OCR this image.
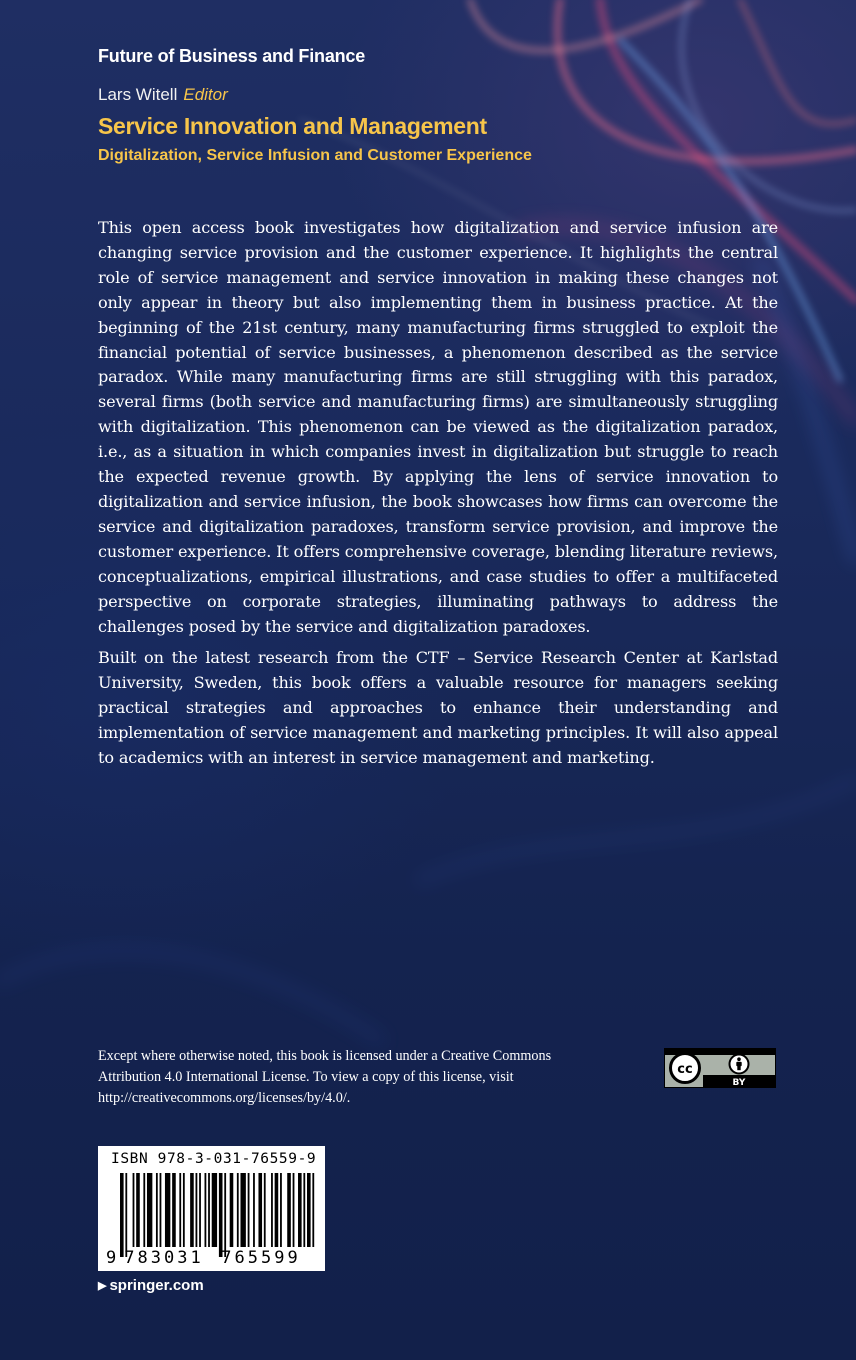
Future of Business and Finance
Lars Witell Editor
Service Innovation and Management
Digitalization, Service Infusion and Customer Experience

This open access book investigates how digitalization and service infusion are changing service provision and the customer experience. It highlights the central role of service management and service innovation in making these changes not only appear in theory but also implementing them in business practice. At the beginning of the 21st century, many manufacturing firms struggled to exploit the financial potential of service businesses, a phenomenon described as the service paradox. While many manufacturing firms are still struggling with this paradox, several firms (both service and manufacturing firms) are simultaneously struggling with digitalization. This phenomenon can be viewed as the digitalization paradox, i.e., as a situation in which companies invest in digitalization but struggle to reach the expected revenue growth. By applying the lens of service innovation to digitalization and service infusion, the book showcases how firms can overcome the service and digitalization paradoxes, transform service provision, and improve the customer experience. It offers comprehensive coverage, blending literature reviews, conceptualizations, empirical illustrations, and case studies to offer a multifaceted perspective on corporate strategies, illuminating pathways to address the challenges posed by the service and digitalization paradoxes.

Built on the latest research from the CTF – Service Research Center at Karlstad University, Sweden, this book offers a valuable resource for managers seeking practical strategies and approaches to enhance their understanding and implementation of service management and marketing principles. It will also appeal to academics with an interest in service management and marketing.

Except where otherwise noted, this book is licensed under a Creative Commons Attribution 4.0 International License. To view a copy of this license, visit http://creativecommons.org/licenses/by/4.0/.

cc
BY
ISBN 978-3-031-76559-9
9 783031 765599
▶ springer.com
